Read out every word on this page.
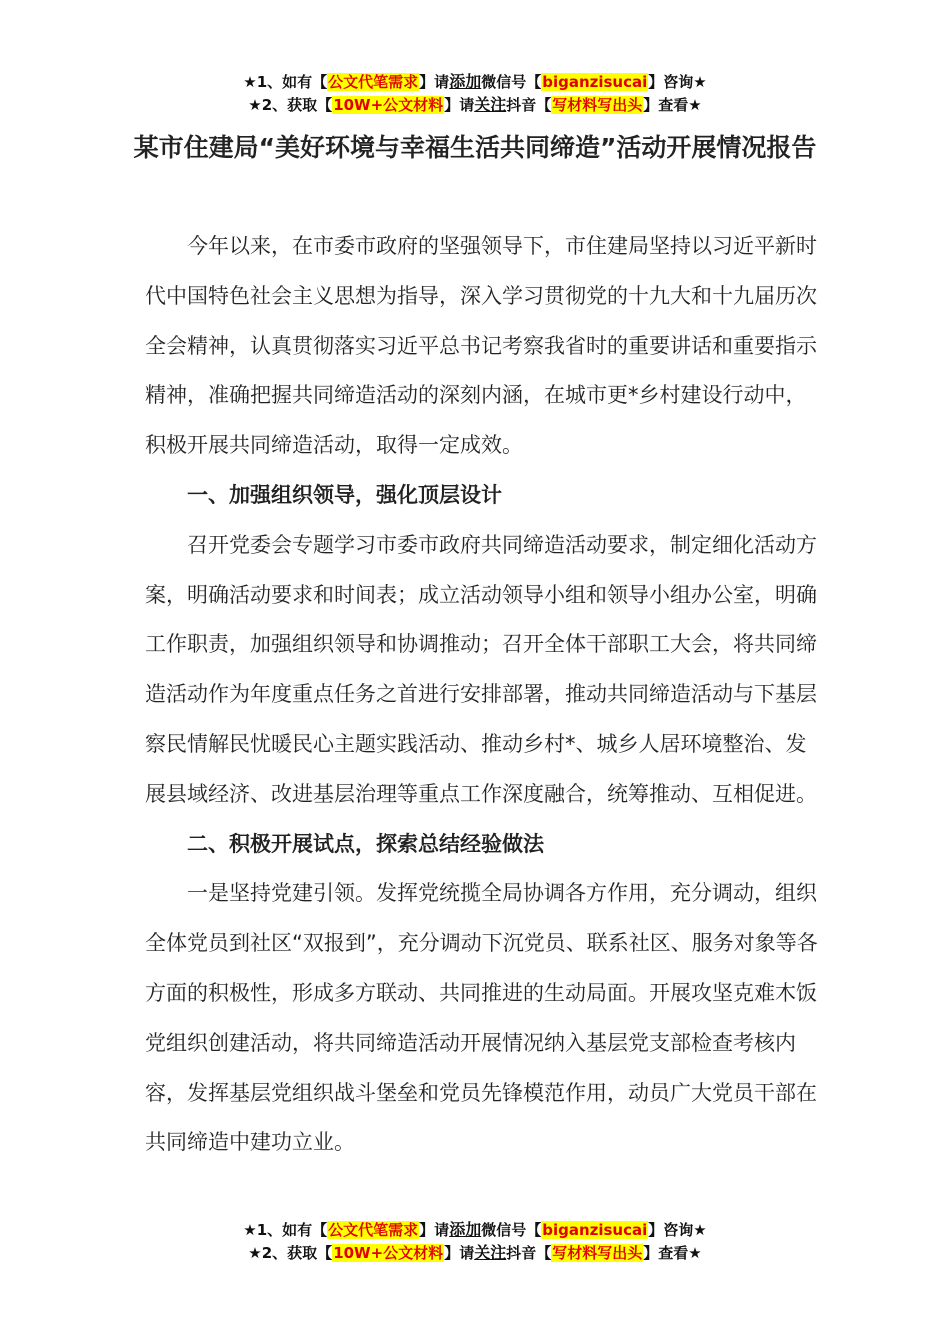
★1、如有【公文代笔需求】请添加微信号【biganzisucai】咨询★
★2、获取【10W+公文材料】请关注抖音【写材料写出头】查看★
某市住建局“美好环境与幸福生活共同缔造”活动开展情况报告

今年以来，在市委市政府的坚强领导下，市住建局坚持以习近平新时代中国特色社会主义思想为指导，深入学习贯彻党的十九大和十九届历次全会精神，认真贯彻落实习近平总书记考察我省时的重要讲话和重要指示精神，准确把握共同缔造活动的深刻内涵，在城市更*乡村建设行动中，积极开展共同缔造活动，取得一定成效。

一、加强组织领导，强化顶层设计

召开党委会专题学习市委市政府共同缔造活动要求，制定细化活动方案，明确活动要求和时间表；成立活动领导小组和领导小组办公室，明确工作职责，加强组织领导和协调推动；召开全体干部职工大会，将共同缔造活动作为年度重点任务之首进行安排部署，推动共同缔造活动与下基层察民情解民忧暖民心主题实践活动、推动乡村*、城乡人居环境整治、发展县域经济、改进基层治理等重点工作深度融合，统筹推动、互相促进。

二、积极开展试点，探索总结经验做法

一是坚持党建引领。发挥党统揽全局协调各方作用，充分调动，组织全体党员到社区“双报到”，充分调动下沉党员、联系社区、服务对象等各方面的积极性，形成多方联动、共同推进的生动局面。开展攻坚克难木饭党组织创建活动，将共同缔造活动开展情况纳入基层党支部检查考核内容，发挥基层党组织战斗堡垒和党员先锋模范作用，动员广大党员干部在共同缔造中建功立业。

★1、如有【公文代笔需求】请添加微信号【biganzisucai】咨询★
★2、获取【10W+公文材料】请关注抖音【写材料写出头】查看★
